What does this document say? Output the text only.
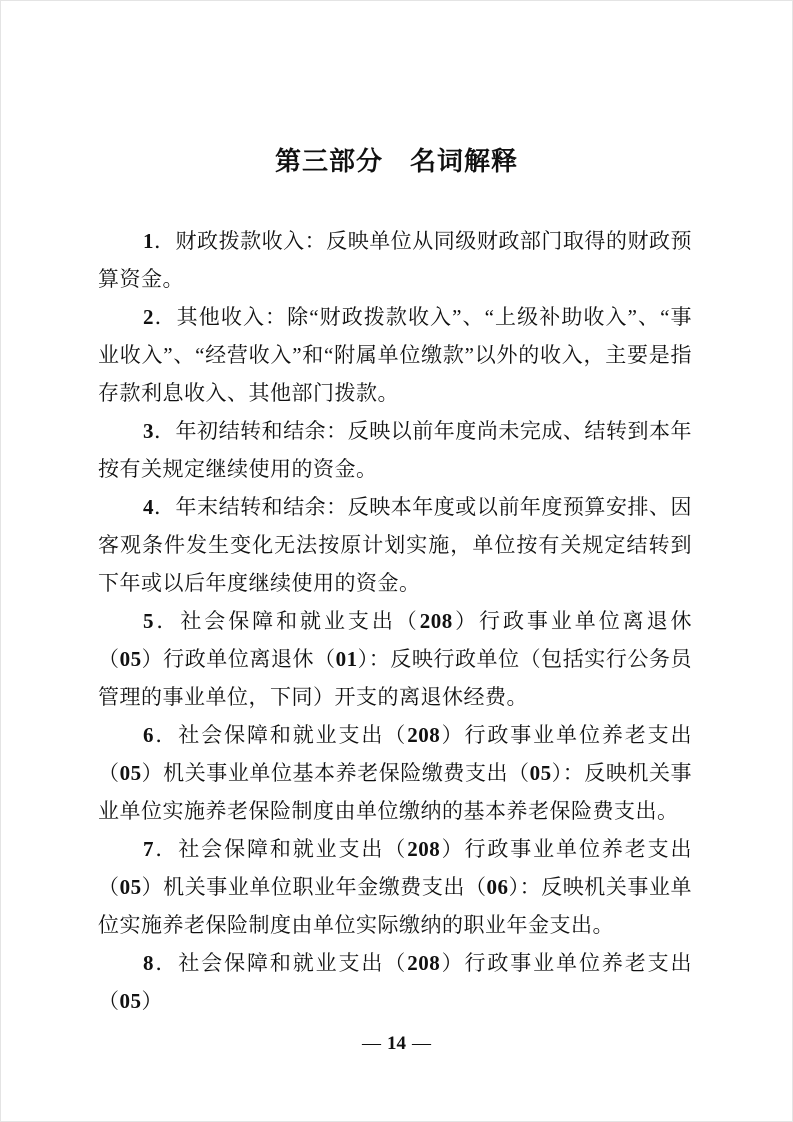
第三部分　名词解释

1．财政拨款收入：反映单位从同级财政部门取得的财政预算资金。

2．其他收入：除“财政拨款收入”、“上级补助收入”、“事业收入”、“经营收入”和“附属单位缴款”以外的收入，主要是指存款利息收入、其他部门拨款。

3．年初结转和结余：反映以前年度尚未完成、结转到本年按有关规定继续使用的资金。

4．年末结转和结余：反映本年度或以前年度预算安排、因客观条件发生变化无法按原计划实施，单位按有关规定结转到下年或以后年度继续使用的资金。

5．社会保障和就业支出（208）行政事业单位离退休（05）行政单位离退休（01）：反映行政单位（包括实行公务员管理的事业单位，下同）开支的离退休经费。

6．社会保障和就业支出（208）行政事业单位养老支出（05）机关事业单位基本养老保险缴费支出（05）：反映机关事业单位实施养老保险制度由单位缴纳的基本养老保险费支出。

7．社会保障和就业支出（208）行政事业单位养老支出（05）机关事业单位职业年金缴费支出（06）：反映机关事业单位实施养老保险制度由单位实际缴纳的职业年金支出。

8．社会保障和就业支出（208）行政事业单位养老支出（05）

— 14 —
